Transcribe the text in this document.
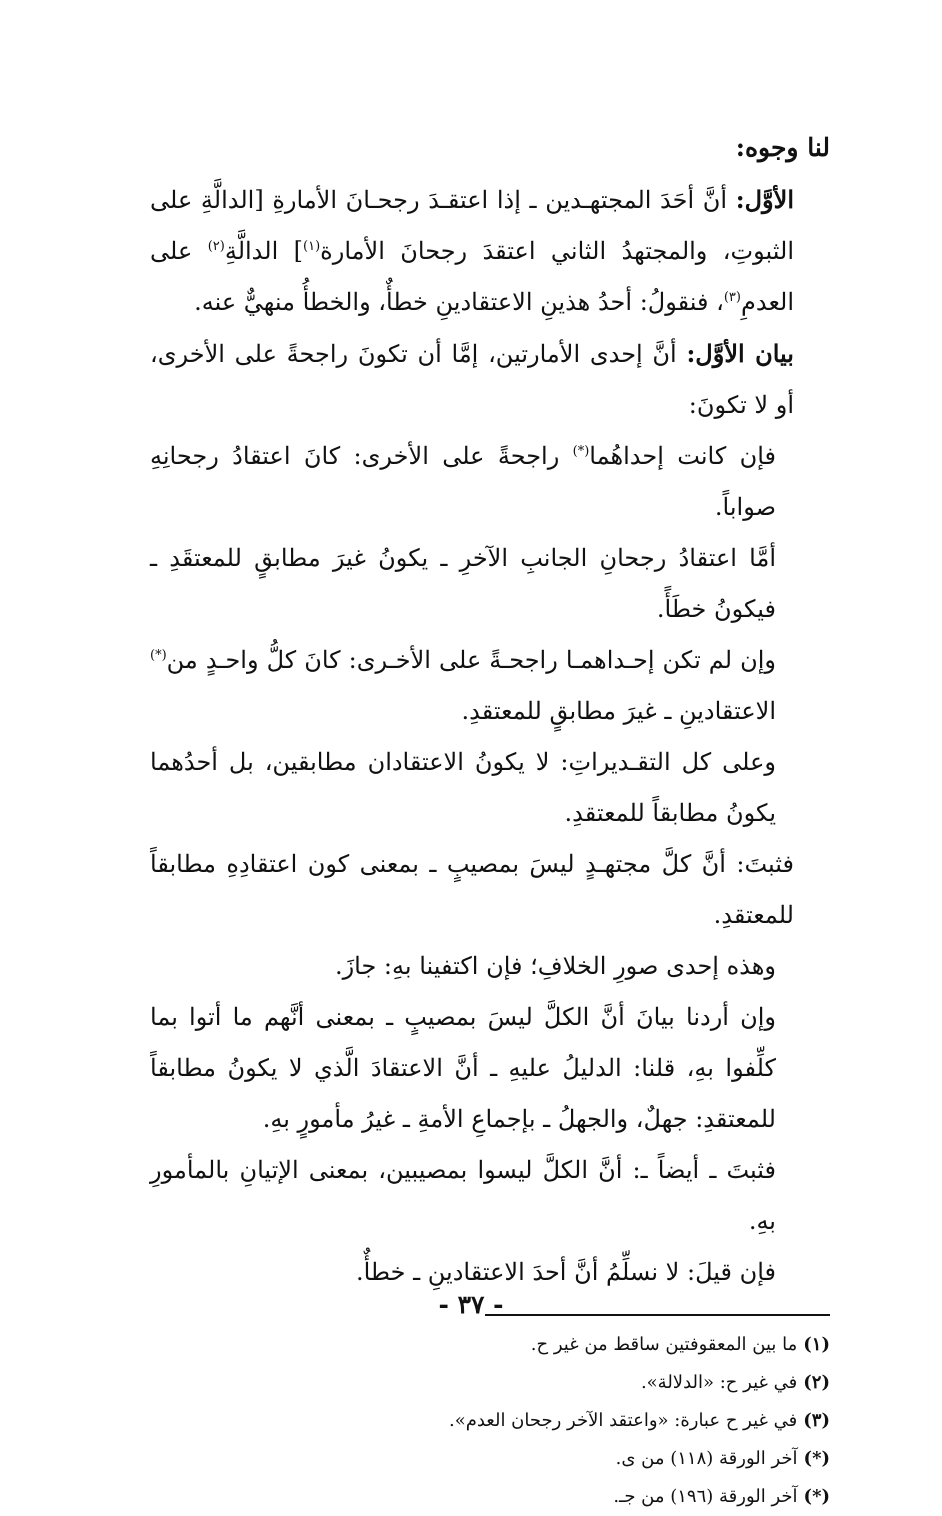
لنا وجوه:

الأوَّل: أنَّ أحَدَ المجتهـدين ـ إذا اعتقـدَ رجحـانَ الأمارةِ [الدالَّةِ على الثبوتِ، والمجتهدُ الثاني اعتقدَ رجحانَ الأمارة$^{(١)}$] الدالَّةِ$^{(٢)}$ على العدمِ$^{(٣)}$، فنقولُ: أحدُ هذينِ الاعتقادينِ خطأٌ، والخطأُ منهيٌّ عنه.

بيان الأوَّل: أنَّ إحدى الأمارتين، إمَّا أن تكونَ راجحةً على الأخرى، أو لا تكونَ:

فإن كانت إحداهُما(*) راجحةً على الأخرى: كانَ اعتقادُ رجحانِهِ صواباً.

أمَّا اعتقادُ رجحانِ الجانبِ الآخرِ ـ يكونُ غيرَ مطابقٍ للمعتقَدِ ـ فيكونُ خطَأً.

وإن لم تكن إحـداهمـا راجحـةً على الأخـرى: كانَ كلُّ واحـدٍ من(*) الاعتقادينِ ـ غيرَ مطابقٍ للمعتقدِ.

وعلى كل التقـديراتِ: لا يكونُ الاعتقادان مطابقين، بل أحدُهما يكونُ مطابقاً للمعتقدِ.

فثبتَ: أنَّ كلَّ مجتهـدٍ ليسَ بمصيبٍ ـ بمعنى كون اعتقادِهِ مطابقاً للمعتقدِ.

وهذه إحدى صورِ الخلافِ؛ فإن اكتفينا بهِ: جازَ.

وإن أردنا بيانَ أنَّ الكلَّ ليسَ بمصيبٍ ـ بمعنى أنَّهم ما أتوا بما كلِّفوا بهِ، قلنا: الدليلُ عليهِ ـ أنَّ الاعتقادَ الَّذي لا يكونُ مطابقاً للمعتقدِ: جهلٌ، والجهلُ ـ بإجماعِ الأمةِ ـ غيرُ مأمورٍ بهِ.

فثبتَ ـ أيضاً ـ: أنَّ الكلَّ ليسوا بمصيبين، بمعنى الإتيانِ بالمأمورِ بهِ.

فإن قيلَ: لا نسلِّمُ أنَّ أحدَ الاعتقادينِ ـ خطأٌ.

(١)ما بين المعقوفتين ساقط من غير ح.

(٢)في غير ح: «الدلالة».

(٣)في غير ح عبارة: «واعتقد الآخر رجحان العدم».

(*)آخر الورقة (١١٨) من ى.

(*)آخر الورقة (١٩٦) من جـ.

- ٣٧ -
